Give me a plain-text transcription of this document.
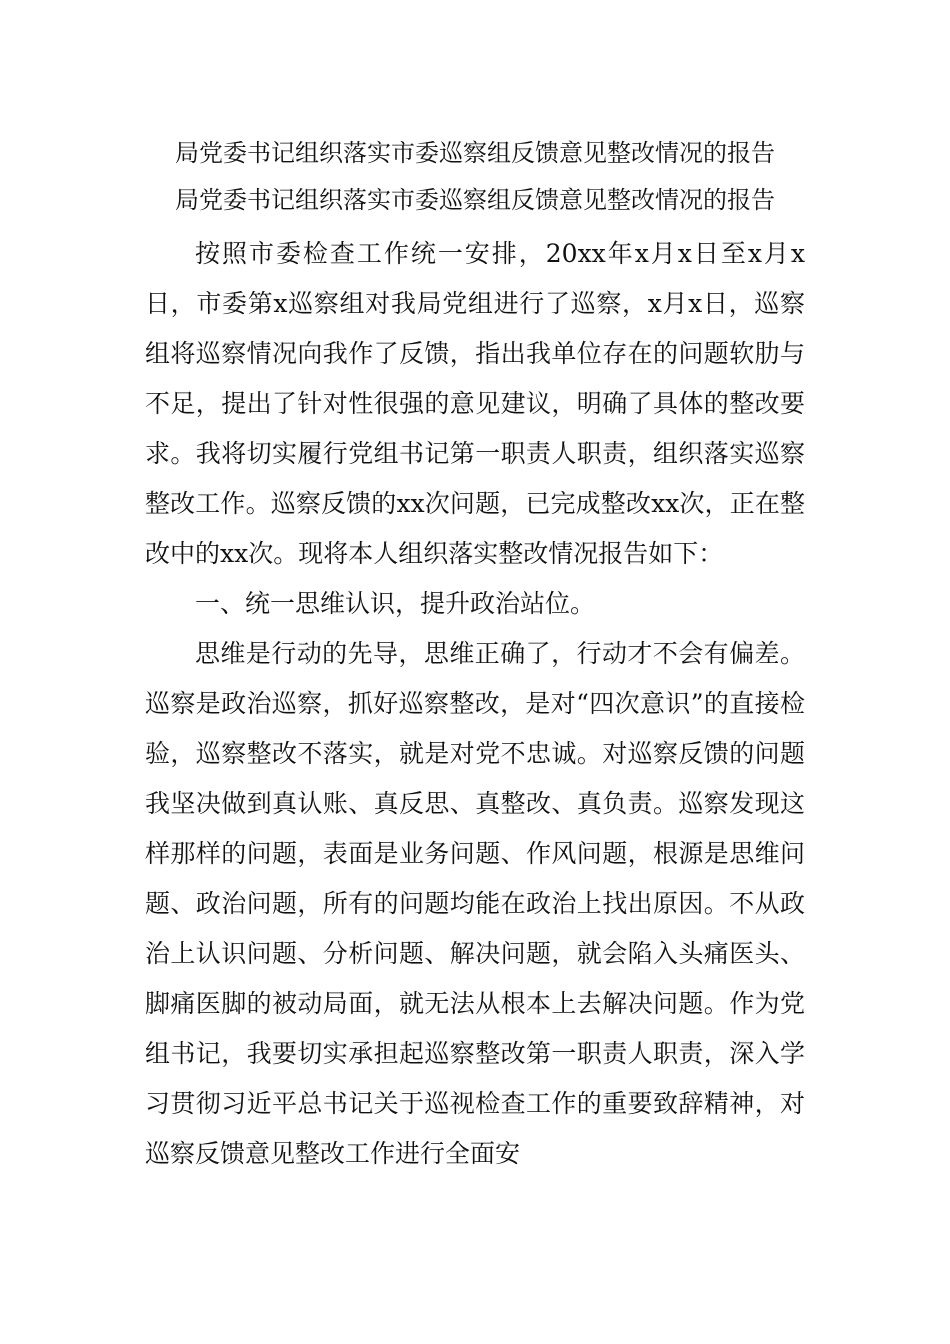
局党委书记组织落实市委巡察组反馈意见整改情况的报告
局党委书记组织落实市委巡察组反馈意见整改情况的报告

按照市委检查工作统一安排，20xx年x月x日至x月x日，市委第x巡察组对我局党组进行了巡察，x月x日，巡察组将巡察情况向我作了反馈，指出我单位存在的问题软肋与不足，提出了针对性很强的意见建议，明确了具体的整改要求。我将切实履行党组书记第一职责人职责，组织落实巡察整改工作。巡察反馈的xx次问题，已完成整改xx次，正在整改中的xx次。现将本人组织落实整改情况报告如下：

一、统一思维认识，提升政治站位。

思维是行动的先导，思维正确了，行动才不会有偏差。巡察是政治巡察，抓好巡察整改，是对“四次意识”的直接检验，巡察整改不落实，就是对党不忠诚。对巡察反馈的问题我坚决做到真认账、真反思、真整改、真负责。巡察发现这样那样的问题，表面是业务问题、作风问题，根源是思维问题、政治问题，所有的问题均能在政治上找出原因。不从政治上认识问题、分析问题、解决问题，就会陷入头痛医头、脚痛医脚的被动局面，就无法从根本上去解决问题。作为党组书记，我要切实承担起巡察整改第一职责人职责，深入学习贯彻习近平总书记关于巡视检查工作的重要致辞精神，对巡察反馈意见整改工作进行全面安
